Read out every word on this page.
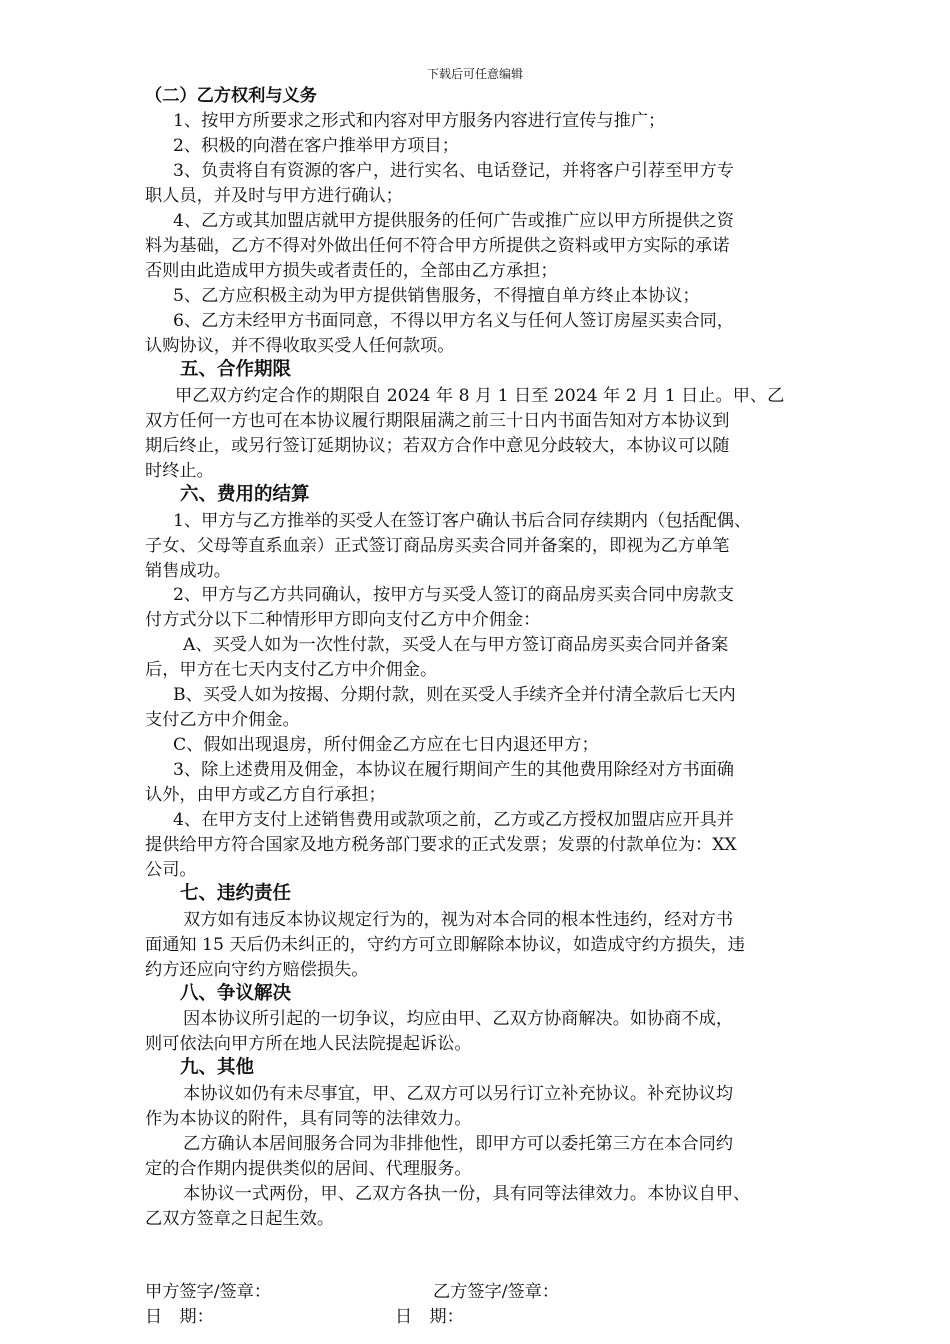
下载后可任意编辑
（二）乙方权利与义务
1、按甲方所要求之形式和内容对甲方服务内容进行宣传与推广；
2、积极的向潜在客户推举甲方项目；
3、负责将自有资源的客户，进行实名、电话登记，并将客户引荐至甲方专
职人员，并及时与甲方进行确认；
4、乙方或其加盟店就甲方提供服务的任何广告或推广应以甲方所提供之资
料为基础，乙方不得对外做出任何不符合甲方所提供之资料或甲方实际的承诺
否则由此造成甲方损失或者责任的，全部由乙方承担；
5、乙方应积极主动为甲方提供销售服务，不得擅自单方终止本协议；
6、乙方未经甲方书面同意，不得以甲方名义与任何人签订房屋买卖合同，
认购协议，并不得收取买受人任何款项。
五、合作期限
甲乙双方约定合作的期限自 2024 年 8 月 1 日至 2024 年 2 月 1 日止。甲、乙
双方任何一方也可在本协议履行期限届满之前三十日内书面告知对方本协议到
期后终止，或另行签订延期协议；若双方合作中意见分歧较大，本协议可以随
时终止。
六、费用的结算
1、甲方与乙方推举的买受人在签订客户确认书后合同存续期内（包括配偶、
子女、父母等直系血亲）正式签订商品房买卖合同并备案的，即视为乙方单笔
销售成功。
2、甲方与乙方共同确认，按甲方与买受人签订的商品房买卖合同中房款支
付方式分以下二种情形甲方即向支付乙方中介佣金：
A、买受人如为一次性付款，买受人在与甲方签订商品房买卖合同并备案
后，甲方在七天内支付乙方中介佣金。
B、买受人如为按揭、分期付款，则在买受人手续齐全并付清全款后七天内
支付乙方中介佣金。
C、假如出现退房，所付佣金乙方应在七日内退还甲方；
3、除上述费用及佣金，本协议在履行期间产生的其他费用除经对方书面确
认外，由甲方或乙方自行承担；
4、在甲方支付上述销售费用或款项之前，乙方或乙方授权加盟店应开具并
提供给甲方符合国家及地方税务部门要求的正式发票；发票的付款单位为：XX
公司。
七、违约责任
双方如有违反本协议规定行为的，视为对本合同的根本性违约，经对方书
面通知 15 天后仍未纠正的，守约方可立即解除本协议，如造成守约方损失，违
约方还应向守约方赔偿损失。
八、争议解决
因本协议所引起的一切争议，均应由甲、乙双方协商解决。如协商不成，
则可依法向甲方所在地人民法院提起诉讼。
九、其他
本协议如仍有未尽事宜，甲、乙双方可以另行订立补充协议。补充协议均
作为本协议的附件，具有同等的法律效力。
乙方确认本居间服务合同为非排他性，即甲方可以委托第三方在本合同约
定的合作期内提供类似的居间、代理服务。
本协议一式两份，甲、乙双方各执一份，具有同等法律效力。本协议自甲、
乙双方签章之日起生效。
甲方签字/签章：	乙方签字/签章：
日　期：	日　期：
